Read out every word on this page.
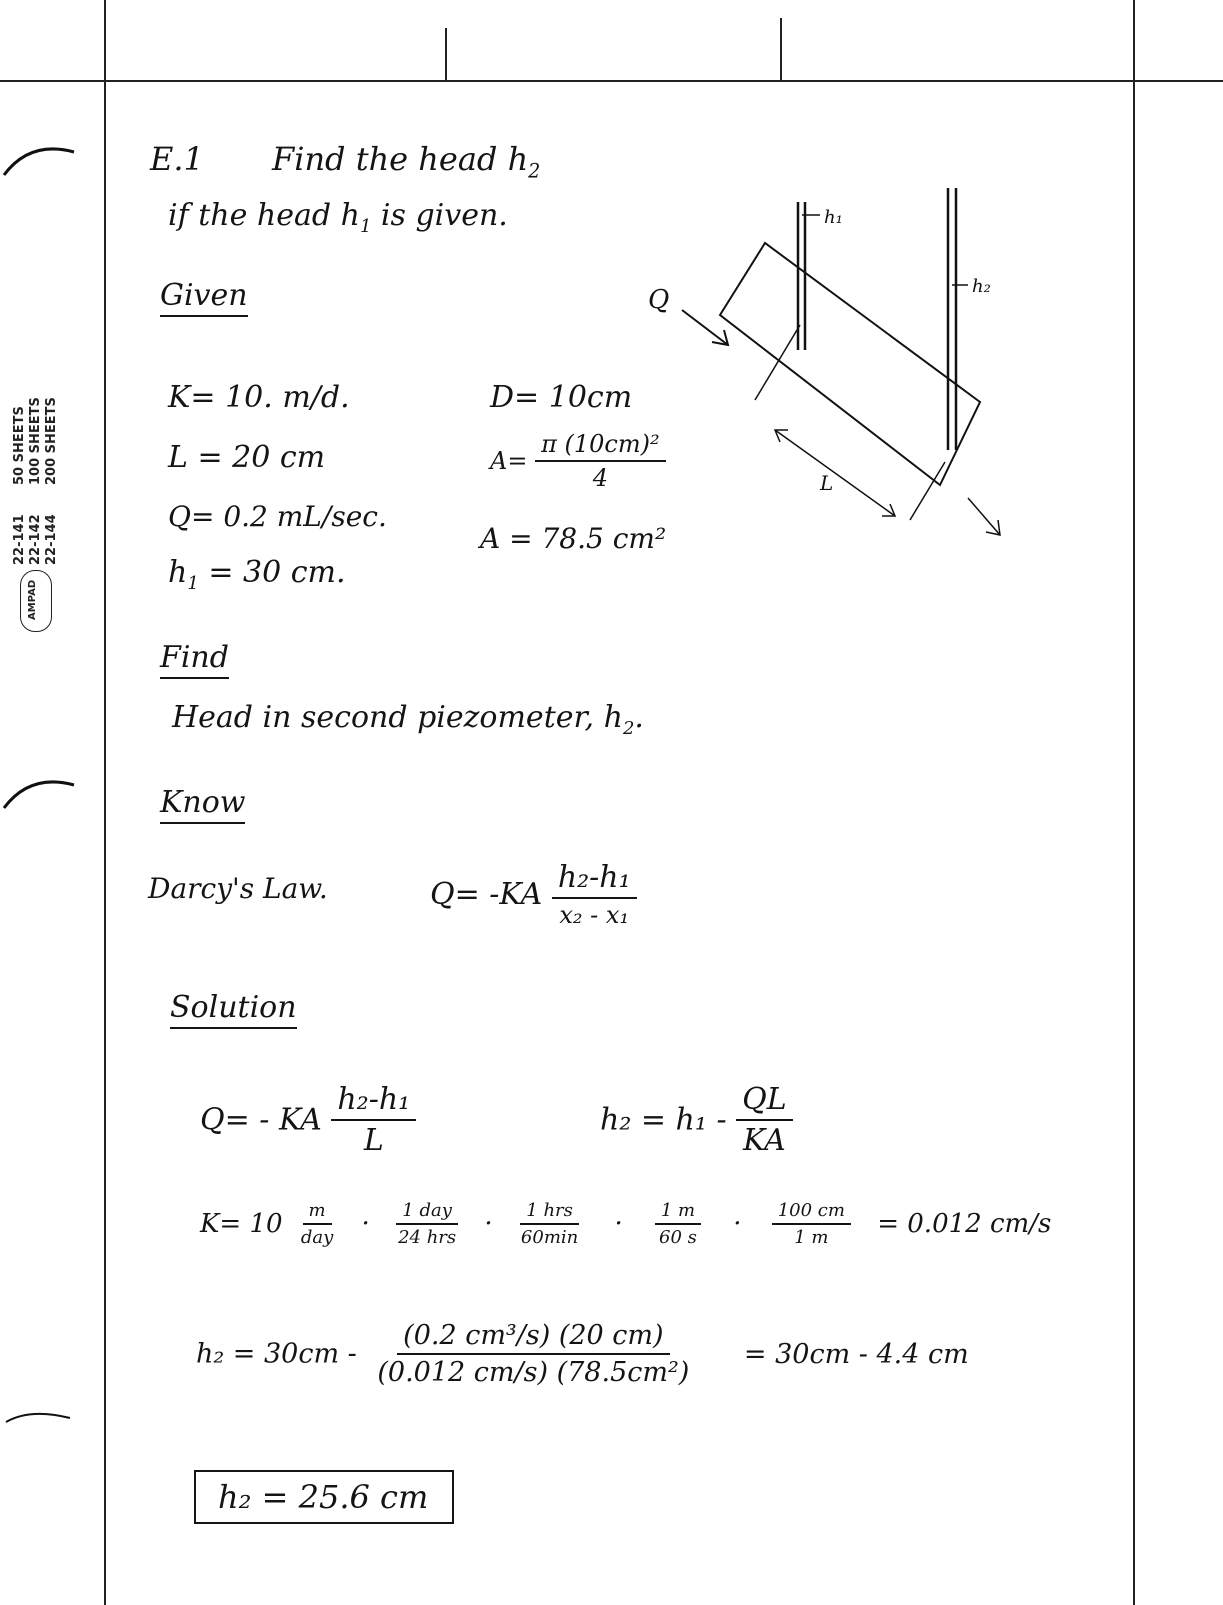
AMPAD
22-141 22-142 22-144
50 SHEETS 100 SHEETS 200 SHEETS
E.1 Find the head $h_2$
if the head $h_1$ is given.
Given
K= 10. m/d.
L = 20 cm
Q= 0.2 mL/sec.
$h_1 = 30$ cm.
D= 10cm
$A= \frac{\text{π (10cm)²}}{4}$
A = 78.5 cm²
Q
h₁
h₂
L
Find
Head in second piezometer, $h_2$.
Know
Darcy's Law.	$Q= -KA \frac{\text{h₂-h₁}}{\text{x₂ - x₁}}$
Solution
Q= - KA $\frac{\text{h₂-h₁}}{L}$	$h_2 = h_1 - \frac{QL}{KA}$
$K= 10 \frac{m}{\text{day}} \cdot \frac{\text{1 day}}{\text{24 hrs}} \cdot \frac{\text{1 hrs}}{60\min} \cdot \frac{1 m}{60 s} \cdot \frac{100 cm}{1 m} = 0.012$ cm/s
$h_2 = 30cm - \frac{\text{(0.2 cm³/s) (20 cm)}}{\text{(0.012 cm/s) (78.5cm²)}} = 30cm - 4.4$ cm
h₂ = 25.6 cm
